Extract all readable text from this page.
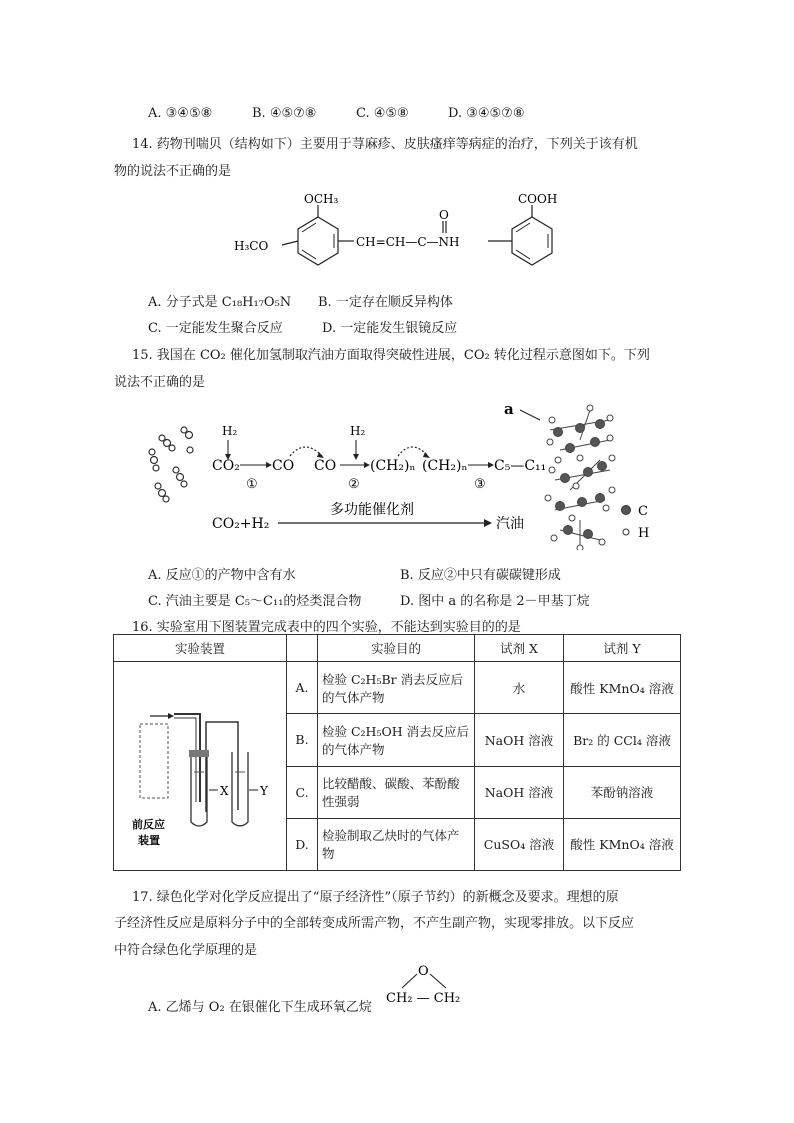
A. ③④⑤⑧	B. ④⑤⑦⑧	C. ④⑤⑧	D. ③④⑤⑦⑧
14. 药物刊喘贝（结构如下）主要用于荨麻疹、皮肤瘙痒等病症的治疗，下列关于该有机
物的说法不正确的是
OCH₃
H₃CO	CH=CH—C—NH
O
COOH
A. 分子式是 C₁₈H₁₇O₅N B. 一定存在顺反异构体
C. 一定能发生聚合反应	D. 一定能发生银镜反应
15. 我国在 CO₂ 催化加氢制取汽油方面取得突破性进展，CO₂ 转化过程示意图如下。下列
说法不正确的是
H₂	H₂
CO₂ CO CO (CH₂)ₙ (CH₂)ₙ C₅—C₁₁
①	②	③
CO₂+H₂
多功能催化剂
汽油
a
C
H
A. 反应①的产物中含有水	B. 反应②中只有碳碳键形成
C. 汽油主要是 C₅～C₁₁的烃类混合物	D. 图中 a 的名称是 2－甲基丁烷
16. 实验室用下图装置完成表中的四个实验，不能达到实验目的的是
实验装置		实验目的	试剂 X	试剂 Y

X Y
前反应
装置	A.	检验 C₂H₅Br 消去反应后的气体产物	水	酸性 KMnO₄ 溶液
	B.	检验 C₂H₅OH 消去反应后的气体产物	NaOH 溶液	Br₂ 的 CCl₄ 溶液
	C.	比较醋酸、碳酸、苯酚酸性强弱	NaOH 溶液	苯酚钠溶液
	D.	检验制取乙炔时的气体产物	CuSO₄ 溶液	酸性 KMnO₄ 溶液
17. 绿色化学对化学反应提出了“原子经济性”（原子节约）的新概念及要求。理想的原
子经济性反应是原料分子中的全部转变成所需产物，不产生副产物，实现零排放。以下反应
中符合绿色化学原理的是
A. 乙烯与 O₂ 在银催化下生成环氧乙烷
O
CH₂ — CH₂
